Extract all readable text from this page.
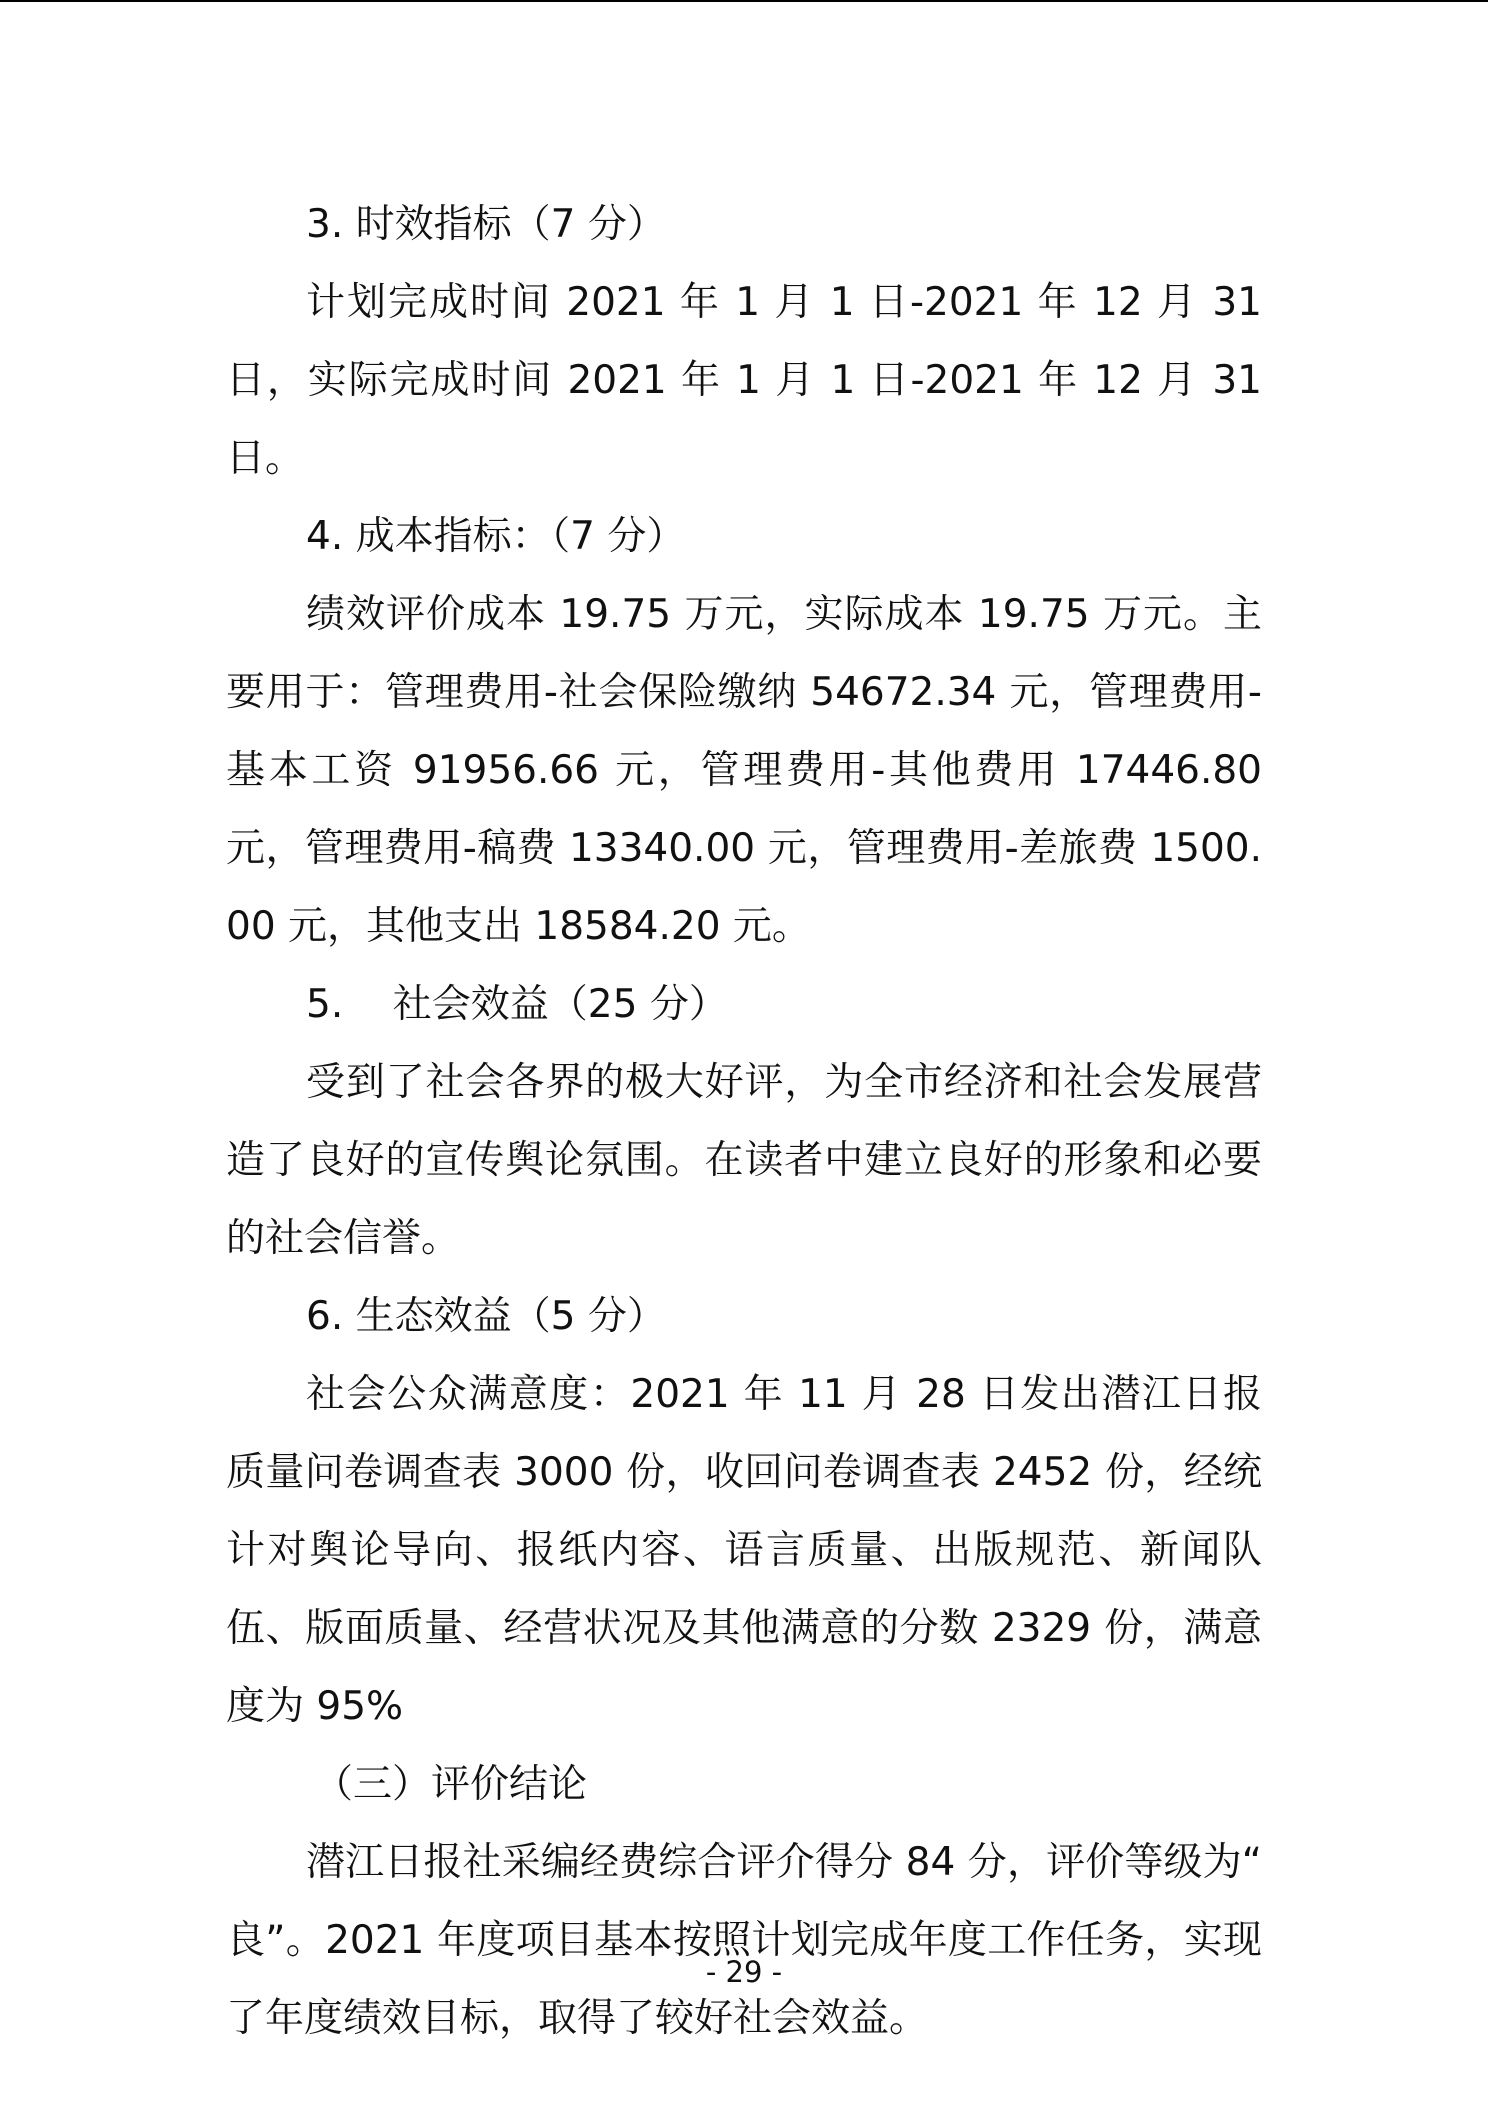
3. 时效指标（7 分）

计划完成时间 2021 年 1 月 1 日-2021 年 12 月 31 日，实际完成时间 2021 年 1 月 1 日-2021 年 12 月 31 日。

4. 成本指标：（7 分）

绩效评价成本 19.75 万元，实际成本 19.75 万元。主要用于：管理费用-社会保险缴纳 54672.34 元，管理费用-基本工资 91956.66 元，管理费用-其他费用 17446.80 元，管理费用-稿费 13340.00 元，管理费用-差旅费 1500.00 元，其他支出 18584.20 元。

5.    社会效益（25 分）

受到了社会各界的极大好评，为全市经济和社会发展营造了良好的宣传舆论氛围。在读者中建立良好的形象和必要的社会信誉。

6. 生态效益（5 分）

社会公众满意度：2021 年 11 月 28 日发出潜江日报质量问卷调查表 3000 份，收回问卷调查表 2452 份，经统计对舆论导向、报纸内容、语言质量、出版规范、新闻队伍、版面质量、经营状况及其他满意的分数 2329 份，满意度为 95%

（三）评价结论

潜江日报社采编经费综合评介得分 84 分，评价等级为“ 良”。2021 年度项目基本按照计划完成年度工作任务，实现了年度绩效目标，取得了较好社会效益。

- 29 -
